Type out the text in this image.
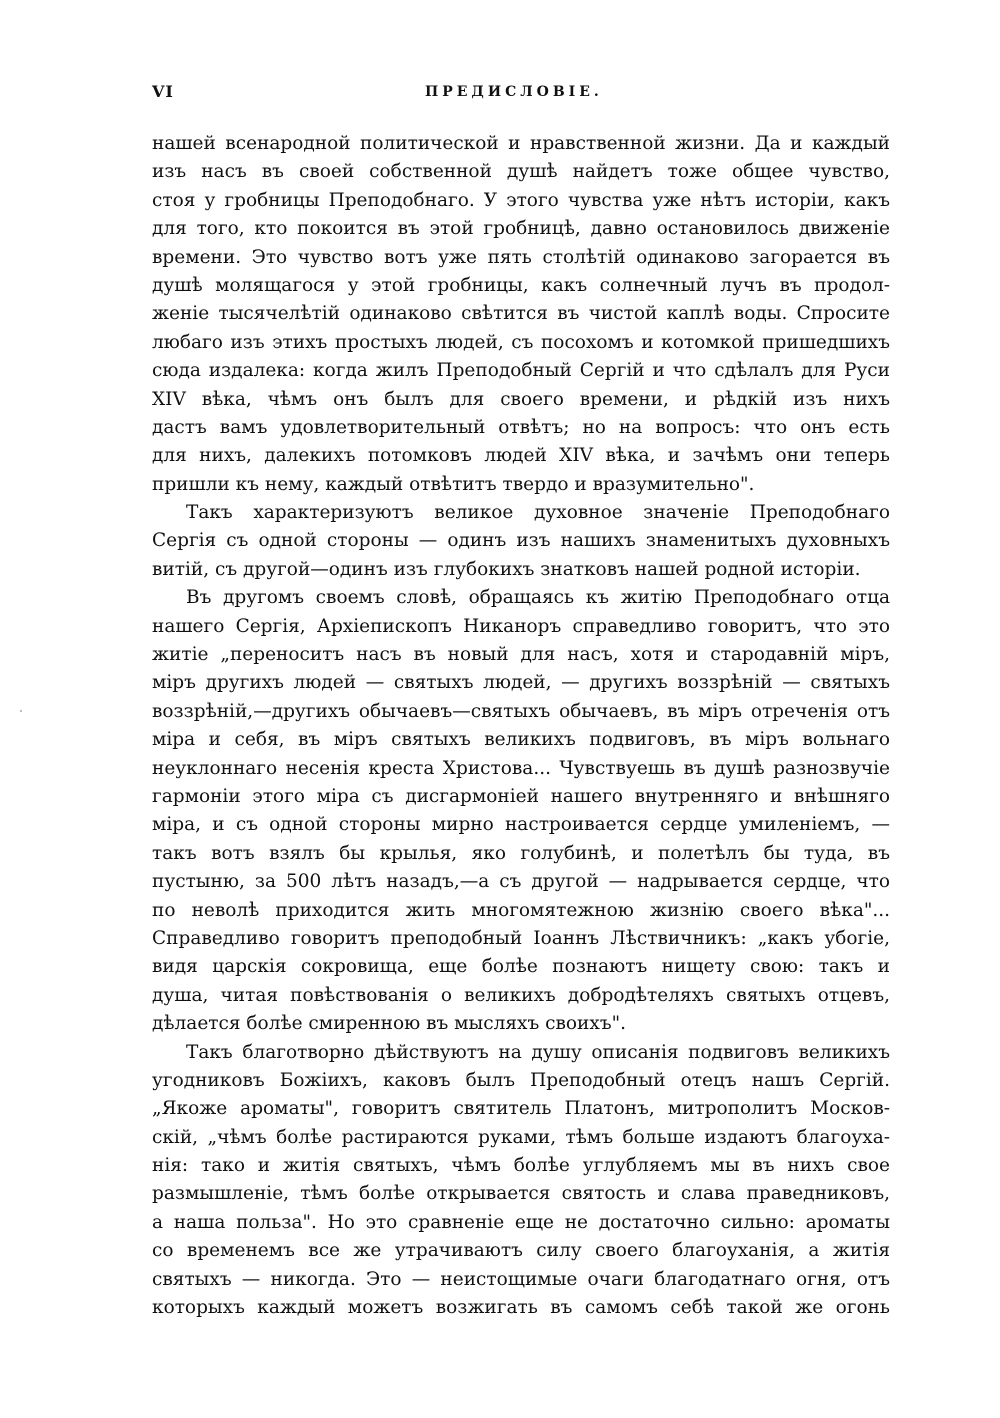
VI	ПРЕДИСЛОВІЕ.
нашей всенародной политической и нравственной жизни. Да и каждый
изъ насъ въ своей собственной душѣ найдетъ тоже общее чувство,
стоя у гробницы Преподобнаго. У этого чувства уже нѣтъ исторіи, какъ
для того, кто покоится въ этой гробницѣ, давно остановилось движеніе
времени. Это чувство вотъ уже пять столѣтій одинаково загорается въ
душѣ молящагося у этой гробницы, какъ солнечный лучъ въ продол-
женіе тысячелѣтій одинаково свѣтится въ чистой каплѣ воды. Спросите
любаго изъ этихъ простыхъ людей, съ посохомъ и котомкой пришедшихъ
сюда издалека: когда жилъ Преподобный Сергій и что сдѣлалъ для Руси
XIV вѣка, чѣмъ онъ былъ для своего времени, и рѣдкій изъ нихъ
дастъ вамъ удовлетворительный отвѣтъ; но на вопросъ: что онъ есть
для нихъ, далекихъ потомковъ людей XIV вѣка, и зачѣмъ они теперь
пришли къ нему, каждый отвѣтитъ твердо и вразумительно".
Такъ характеризуютъ великое духовное значеніе Преподобнаго
Сергія съ одной стороны — одинъ изъ нашихъ знаменитыхъ духовныхъ
витій, съ другой—одинъ изъ глубокихъ знатковъ нашей родной исторіи.
Въ другомъ своемъ словѣ, обращаясь къ житію Преподобнаго отца
нашего Сергія, Архіепископъ Никаноръ справедливо говоритъ, что это
житіе „переноситъ насъ въ новый для насъ, хотя и стародавній міръ,
міръ другихъ людей — святыхъ людей, — другихъ воззрѣній — святыхъ
воззрѣній,—другихъ обычаевъ—святыхъ обычаевъ, въ міръ отреченія отъ
міра и себя, въ міръ святыхъ великихъ подвиговъ, въ міръ вольнаго
неуклоннаго несенія креста Христова... Чувствуешь въ душѣ разнозвучіе
гармоніи этого міра съ дисгармоніей нашего внутренняго и внѣшняго
міра, и съ одной стороны мирно настроивается сердце умиленіемъ, —
такъ вотъ взялъ бы крылья, яко голубинѣ, и полетѣлъ бы туда, въ
пустыню, за 500 лѣтъ назадъ,—а съ другой — надрывается сердце, что
по неволѣ приходится жить многомятежною жизнію своего вѣка"...
Справедливо говоритъ преподобный Іоаннъ Лѣствичникъ: „какъ убогіе,
видя царскія сокровища, еще болѣе познаютъ нищету свою: такъ и
душа, читая повѣствованія о великихъ добродѣтеляхъ святыхъ отцевъ,
дѣлается болѣе смиренною въ мысляхъ своихъ".
Такъ благотворно дѣйствуютъ на душу описанія подвиговъ великихъ
угодниковъ Божіихъ, каковъ былъ Преподобный отецъ нашъ Сергій.
„Якоже ароматы", говоритъ святитель Платонъ, митрополитъ Москов-
скій, „чѣмъ болѣе растираются руками, тѣмъ больше издаютъ благоуха-
нія: тако и житія святыхъ, чѣмъ болѣе углубляемъ мы въ нихъ свое
размышленіе, тѣмъ болѣе открывается святость и слава праведниковъ,
а наша польза". Но это сравненіе еще не достаточно сильно: ароматы
со временемъ все же утрачиваютъ силу своего благоуханія, а житія
святыхъ — никогда. Это — неистощимые очаги благодатнаго огня, отъ
которыхъ каждый можетъ возжигать въ самомъ себѣ такой же огонь
